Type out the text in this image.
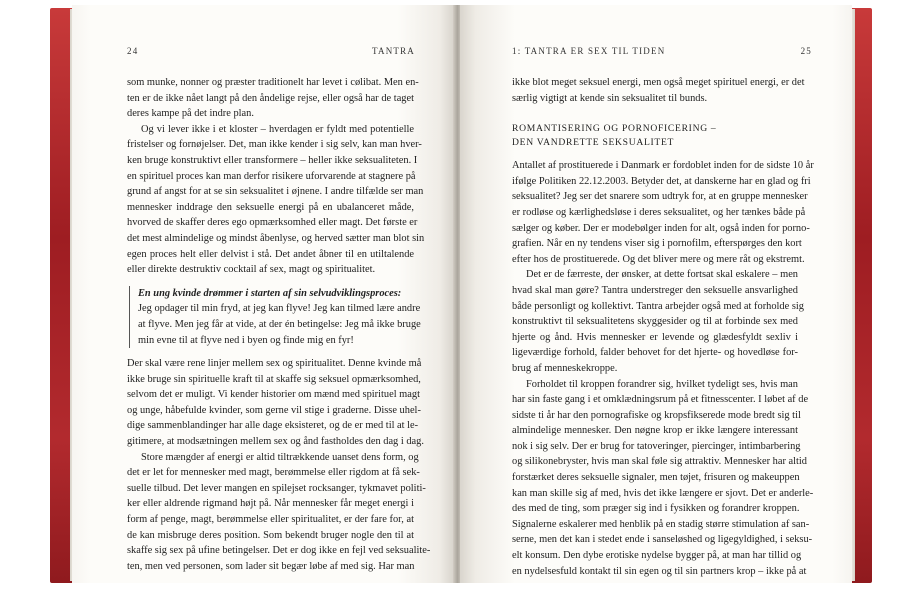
24	TANTRA
som munke, nonner og præster traditionelt har levet i cølibat. Men en-
ten er de ikke nået langt på den åndelige rejse, eller også har de taget
deres kampe på det indre plan.
Og vi lever ikke i et kloster – hverdagen er fyldt med potentielle
fristelser og fornøjelser. Det, man ikke kender i sig selv, kan man hver-
ken bruge konstruktivt eller transformere – heller ikke seksualiteten. I
en spirituel proces kan man derfor risikere uforvarende at stagnere på
grund af angst for at se sin seksualitet i øjnene. I andre tilfælde ser man
mennesker inddrage den seksuelle energi på en ubalanceret måde,
hvorved de skaffer deres ego opmærksomhed eller magt. Det første er
det mest almindelige og mindst åbenlyse, og herved sætter man blot sin
egen proces helt eller delvist i stå. Det andet åbner til en utiltalende
eller direkte destruktiv cocktail af sex, magt og spiritualitet.
En ung kvinde drømmer i starten af sin selvudviklingsproces:
Jeg opdager til min fryd, at jeg kan flyve! Jeg kan tilmed lære andre
at flyve. Men jeg får at vide, at der én betingelse: Jeg må ikke bruge
min evne til at flyve ned i byen og finde mig en fyr!
Der skal være rene linjer mellem sex og spiritualitet. Denne kvinde må
ikke bruge sin spirituelle kraft til at skaffe sig seksuel opmærksomhed,
selvom det er muligt. Vi kender historier om mænd med spirituel magt
og unge, håbefulde kvinder, som gerne vil stige i graderne. Disse uhel-
dige sammenblandinger har alle dage eksisteret, og de er med til at le-
gitimere, at modsætningen mellem sex og ånd fastholdes den dag i dag.
Store mængder af energi er altid tiltrækkende uanset dens form, og
det er let for mennesker med magt, berømmelse eller rigdom at få sek-
suelle tilbud. Det lever mangen en spilejset rocksanger, tykmavet politi-
ker eller aldrende rigmand højt på. Når mennesker får meget energi i
form af penge, magt, berømmelse eller spiritualitet, er der fare for, at
de kan misbruge deres position. Som bekendt bruger nogle den til at
skaffe sig sex på ufine betingelser. Det er dog ikke en fejl ved seksualite-
ten, men ved personen, som lader sit begær løbe af med sig. Har man
1: TANTRA ER SEX TIL TIDEN	25
ikke blot meget seksuel energi, men også meget spirituel energi, er det
særlig vigtigt at kende sin seksualitet til bunds.
ROMANTISERING OG PORNOFICERING –
DEN VANDRETTE SEKSUALITET
Antallet af prostituerede i Danmark er fordoblet inden for de sidste 10 år
ifølge Politiken 22.12.2003. Betyder det, at danskerne har en glad og fri
seksualitet? Jeg ser det snarere som udtryk for, at en gruppe mennesker
er rodløse og kærlighedsløse i deres seksualitet, og her tænkes både på
sælger og køber. Der er modebølger inden for alt, også inden for porno-
grafien. Når en ny tendens viser sig i pornofilm, efterspørges den kort
efter hos de prostituerede. Og det bliver mere og mere råt og ekstremt.
Det er de færreste, der ønsker, at dette fortsat skal eskalere – men
hvad skal man gøre? Tantra understreger den seksuelle ansvarlighed
både personligt og kollektivt. Tantra arbejder også med at forholde sig
konstruktivt til seksualitetens skyggesider og til at forbinde sex med
hjerte og ånd. Hvis mennesker er levende og glædesfyldt sexliv i
ligeværdige forhold, falder behovet for det hjerte- og hovedløse for-
brug af menneskekroppe.
Forholdet til kroppen forandrer sig, hvilket tydeligt ses, hvis man
har sin faste gang i et omklædningsrum på et fitnesscenter. I løbet af de
sidste ti år har den pornografiske og kropsfikserede mode bredt sig til
almindelige mennesker. Den nøgne krop er ikke længere interessant
nok i sig selv. Der er brug for tatoveringer, piercinger, intimbarbering
og silikonebryster, hvis man skal føle sig attraktiv. Mennesker har altid
forstærket deres seksuelle signaler, men tøjet, frisuren og makeuppen
kan man skille sig af med, hvis det ikke længere er sjovt. Det er anderle-
des med de ting, som præger sig ind i fysikken og forandrer kroppen.
Signalerne eskalerer med henblik på en stadig større stimulation af san-
serne, men det kan i stedet ende i sanseløshed og ligegyldighed, i seksu-
elt konsum. Den dybe erotiske nydelse bygger på, at man har tillid og
en nydelsesfuld kontakt til sin egen og til sin partners krop – ikke på at
